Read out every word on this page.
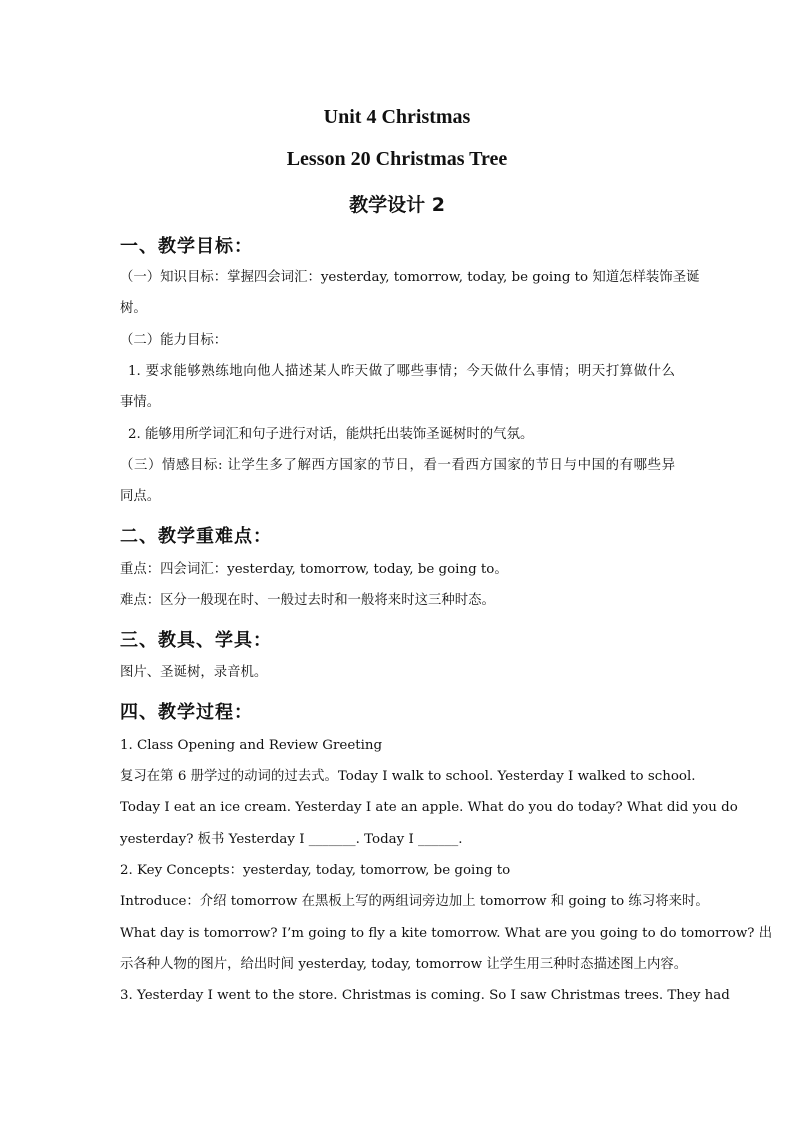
Unit 4 Christmas
Lesson 20 Christmas Tree
教学设计 2
一、教学目标：
（一）知识目标：掌握四会词汇：yesterday, tomorrow, today, be going to 知道怎样装饰圣诞
树。
（二）能力目标：
1. 要求能够熟练地向他人描述某人昨天做了哪些事情；今天做什么事情；明天打算做什么
事情。
2. 能够用所学词汇和句子进行对话，能烘托出装饰圣诞树时的气氛。
（三）情感目标: 让学生多了解西方国家的节日，看一看西方国家的节日与中国的有哪些异
同点。
二、教学重难点：
重点：四会词汇：yesterday, tomorrow, today, be going to。
难点：区分一般现在时、一般过去时和一般将来时这三种时态。
三、教具、学具：
图片、圣诞树，录音机。
四、教学过程：
1. Class Opening and Review Greeting
复习在第 6 册学过的动词的过去式。Today I walk to school. Yesterday I walked to school.
Today I eat an ice cream. Yesterday I ate an apple. What do you do today? What did you do
yesterday? 板书 Yesterday I _______. Today I ______.
2. Key Concepts：yesterday, today, tomorrow, be going to
Introduce：介绍 tomorrow 在黑板上写的两组词旁边加上 tomorrow 和 going to 练习将来时。
What day is tomorrow? I’m going to fly a kite tomorrow. What are you going to do tomorrow? 出
示各种人物的图片，给出时间 yesterday, today, tomorrow 让学生用三种时态描述图上内容。
3. Yesterday I went to the store. Christmas is coming. So I saw Christmas trees. They had
